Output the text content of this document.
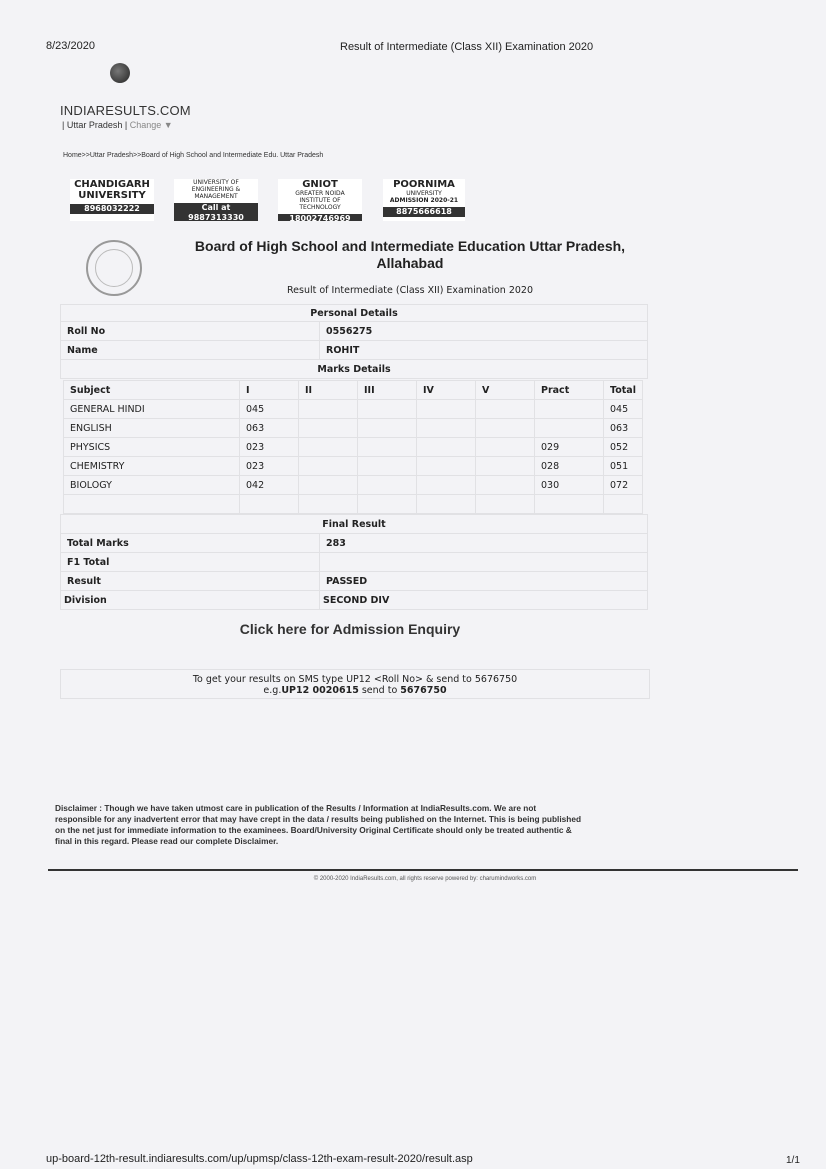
8/23/2020	Result of Intermediate (Class XII) Examination 2020
INDIARESULTS.COM
| Uttar Pradesh | Change ▼
Home>>Uttar Pradesh>>Board of High School and Intermediate Edu. Uttar Pradesh
CHANDIGARH
UNIVERSITY
8968032222
UNIVERSITY OF
ENGINEERING &
MANAGEMENT
Call at 9887313330
GNIOT
GREATER NOIDA
INSTITUTE OF TECHNOLOGY
18002746969
POORNIMA
UNIVERSITY
ADMISSION 2020-21
8875666618
Board of High School and Intermediate Education Uttar Pradesh, Allahabad
Result of Intermediate (Class XII) Examination 2020
Personal Details	
Roll No	0556275
Name	ROHIT
Marks Details	
Subject	I	II	III	IV	V	Pract	Total
GENERAL HINDI	045						045
ENGLISH	063						063
PHYSICS	023					029	052
CHEMISTRY	023					028	051
BIOLOGY	042					030	072

Final Result	
Total Marks	283
F1 Total	
Result	PASSED
Division	SECOND DIV
Click here for Admission Enquiry
To get your results on SMS type UP12 <Roll No> & send to 5676750
e.g.UP12 0020615 send to 5676750
Disclaimer : Though we have taken utmost care in publication of the Results / Information at IndiaResults.com. We are not responsible for any inadvertent error that may have crept in the data / results being published on the Internet. This is being published on the net just for immediate information to the examinees. Board/University Original Certificate should only be treated authentic & final in this regard. Please read our complete Disclaimer.
© 2000-2020 IndiaResults.com, all rights reserve powered by: charumindworks.com
up-board-12th-result.indiaresults.com/up/upmsp/class-12th-exam-result-2020/result.asp	1/1
